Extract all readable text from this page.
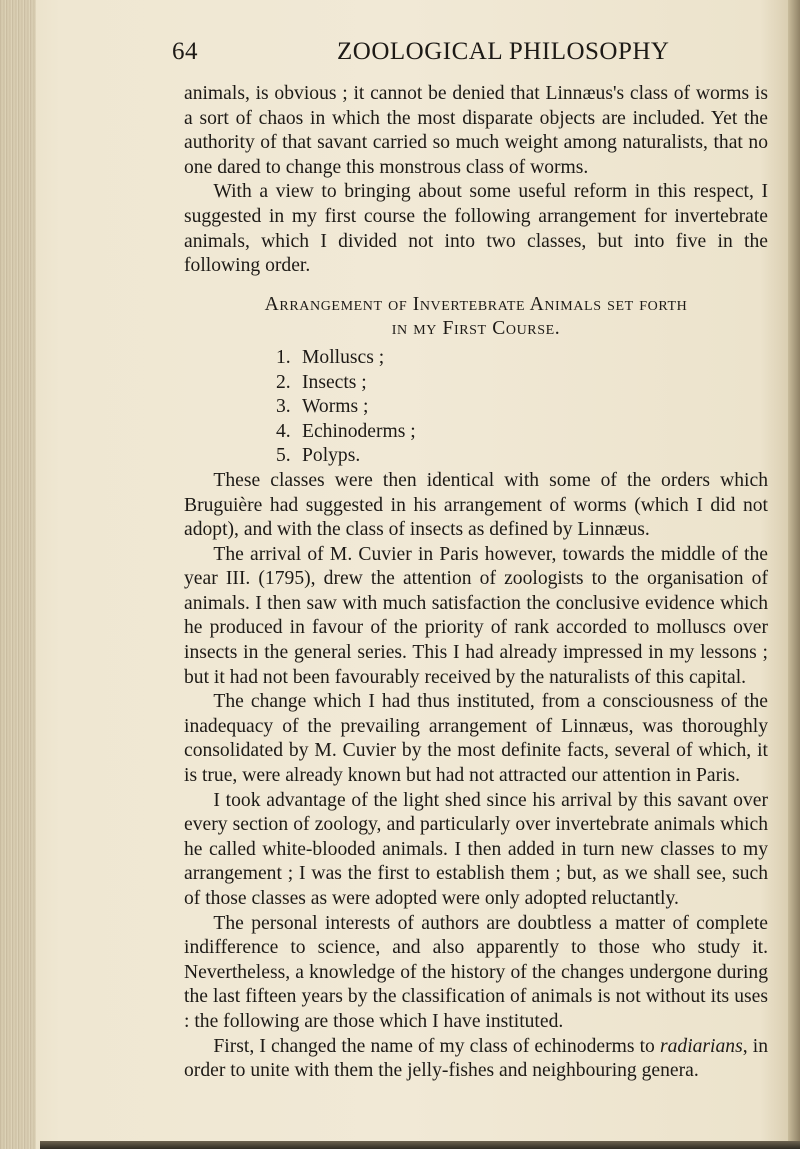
64	ZOOLOGICAL PHILOSOPHY

animals, is obvious ; it cannot be denied that Linnæus's class of worms is a sort of chaos in which the most disparate objects are included. Yet the authority of that savant carried so much weight among naturalists, that no one dared to change this monstrous class of worms.

With a view to bringing about some useful reform in this respect, I suggested in my first course the following arrangement for invertebrate animals, which I divided not into two classes, but into five in the following order.

Arrangement of Invertebrate Animals set forth
in my First Course.
1. Molluscs ;
2. Insects ;
3. Worms ;
4. Echinoderms ;
5. Polyps.

These classes were then identical with some of the orders which Bruguière had suggested in his arrangement of worms (which I did not adopt), and with the class of insects as defined by Linnæus.

The arrival of M. Cuvier in Paris however, towards the middle of the year III. (1795), drew the attention of zoologists to the organisation of animals. I then saw with much satisfaction the conclusive evidence which he produced in favour of the priority of rank accorded to molluscs over insects in the general series. This I had already impressed in my lessons ; but it had not been favourably received by the naturalists of this capital.

The change which I had thus instituted, from a consciousness of the inadequacy of the prevailing arrangement of Linnæus, was thoroughly consolidated by M. Cuvier by the most definite facts, several of which, it is true, were already known but had not attracted our attention in Paris.

I took advantage of the light shed since his arrival by this savant over every section of zoology, and particularly over invertebrate animals which he called white-blooded animals. I then added in turn new classes to my arrangement ; I was the first to establish them ; but, as we shall see, such of those classes as were adopted were only adopted reluctantly.

The personal interests of authors are doubtless a matter of complete indifference to science, and also apparently to those who study it. Nevertheless, a knowledge of the history of the changes undergone during the last fifteen years by the classification of animals is not without its uses : the following are those which I have instituted.

First, I changed the name of my class of echinoderms to radiarians, in order to unite with them the jelly-fishes and neighbouring genera.
